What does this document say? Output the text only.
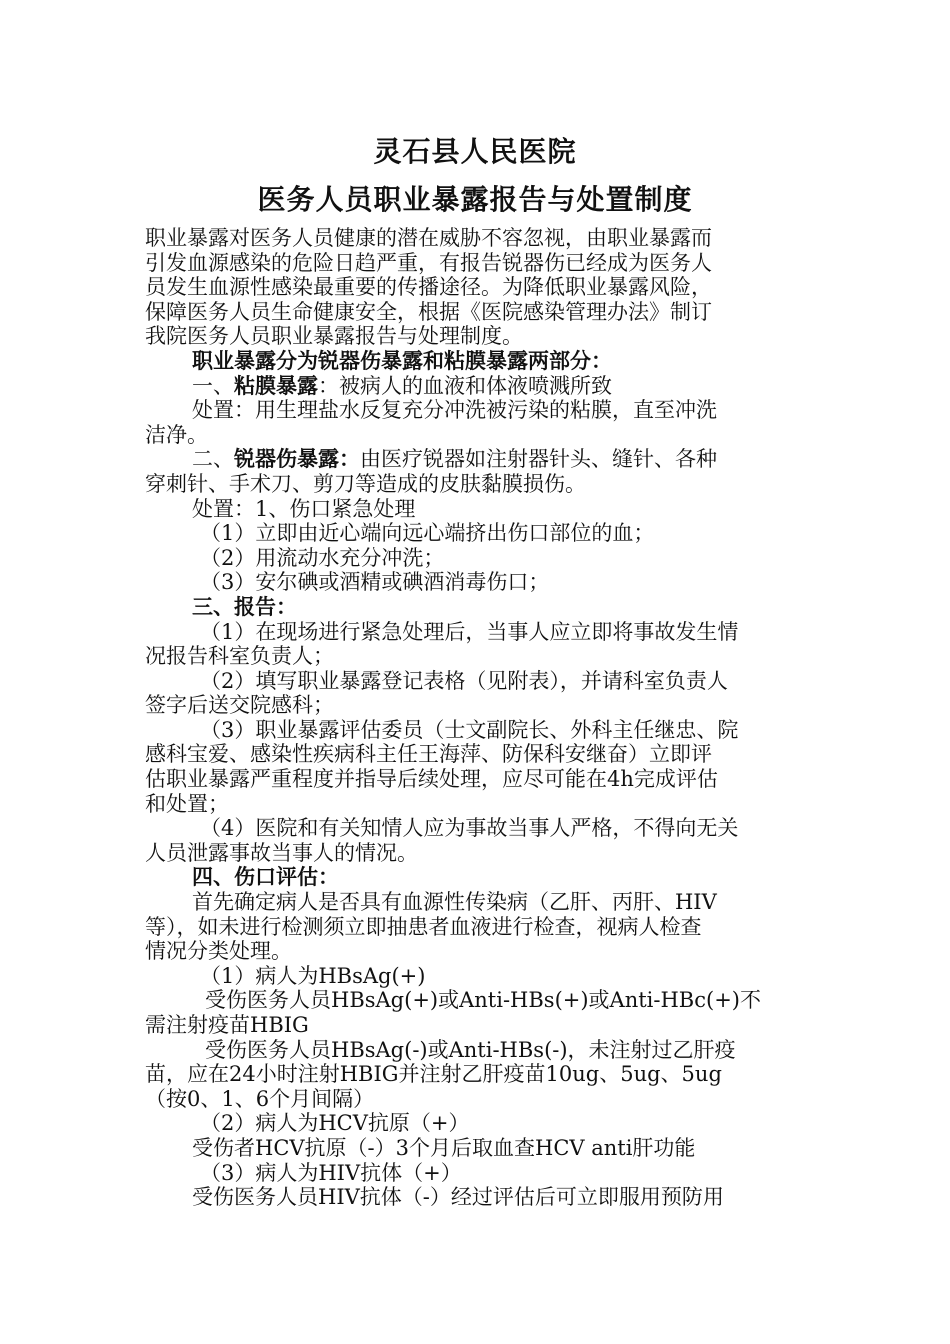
灵石县人民医院
医务人员职业暴露报告与处置制度

职业暴露对医务人员健康的潜在威胁不容忽视，由职业暴露而

引发血源感染的危险日趋严重，有报告锐器伤已经成为医务人

员发生血源性感染最重要的传播途径。为降低职业暴露风险，

保障医务人员生命健康安全，根据《医院感染管理办法》制订

我院医务人员职业暴露报告与处理制度。

职业暴露分为锐器伤暴露和粘膜暴露两部分：

一、粘膜暴露：被病人的血液和体液喷溅所致

处置：用生理盐水反复充分冲洗被污染的粘膜，直至冲洗

洁净。

二、锐器伤暴露：由医疗锐器如注射器针头、缝针、各种

穿刺针、手术刀、剪刀等造成的皮肤黏膜损伤。

处置：1、伤口紧急处理

（1）立即由近心端向远心端挤出伤口部位的血；

（2）用流动水充分冲洗；

（3）安尔碘或酒精或碘酒消毒伤口；

三、报告：

（1）在现场进行紧急处理后，当事人应立即将事故发生情

况报告科室负责人；

（2）填写职业暴露登记表格（见附表），并请科室负责人

签字后送交院感科；

（3）职业暴露评估委员（士文副院长、外科主任继忠、院

感科宝爱、感染性疾病科主任王海萍、防保科安继奋）立即评

估职业暴露严重程度并指导后续处理，应尽可能在4h完成评估

和处置；

（4）医院和有关知情人应为事故当事人严格，不得向无关

人员泄露事故当事人的情况。

四、伤口评估：

首先确定病人是否具有血源性传染病（乙肝、丙肝、HIV

等），如未进行检测须立即抽患者血液进行检查，视病人检查

情况分类处理。

（1）病人为HBsAg(+)

受伤医务人员HBsAg(+)或Anti-HBs(+)或Anti-HBc(+)不

需注射疫苗HBIG

受伤医务人员HBsAg(-)或Anti-HBs(-)，未注射过乙肝疫

苗，应在24小时注射HBIG并注射乙肝疫苗10ug、5ug、5ug

（按0、1、6个月间隔）

（2）病人为HCV抗原（+）

受伤者HCV抗原（-）3个月后取血查HCV anti肝功能

（3）病人为HIV抗体（+）

受伤医务人员HIV抗体（-）经过评估后可立即服用预防用
